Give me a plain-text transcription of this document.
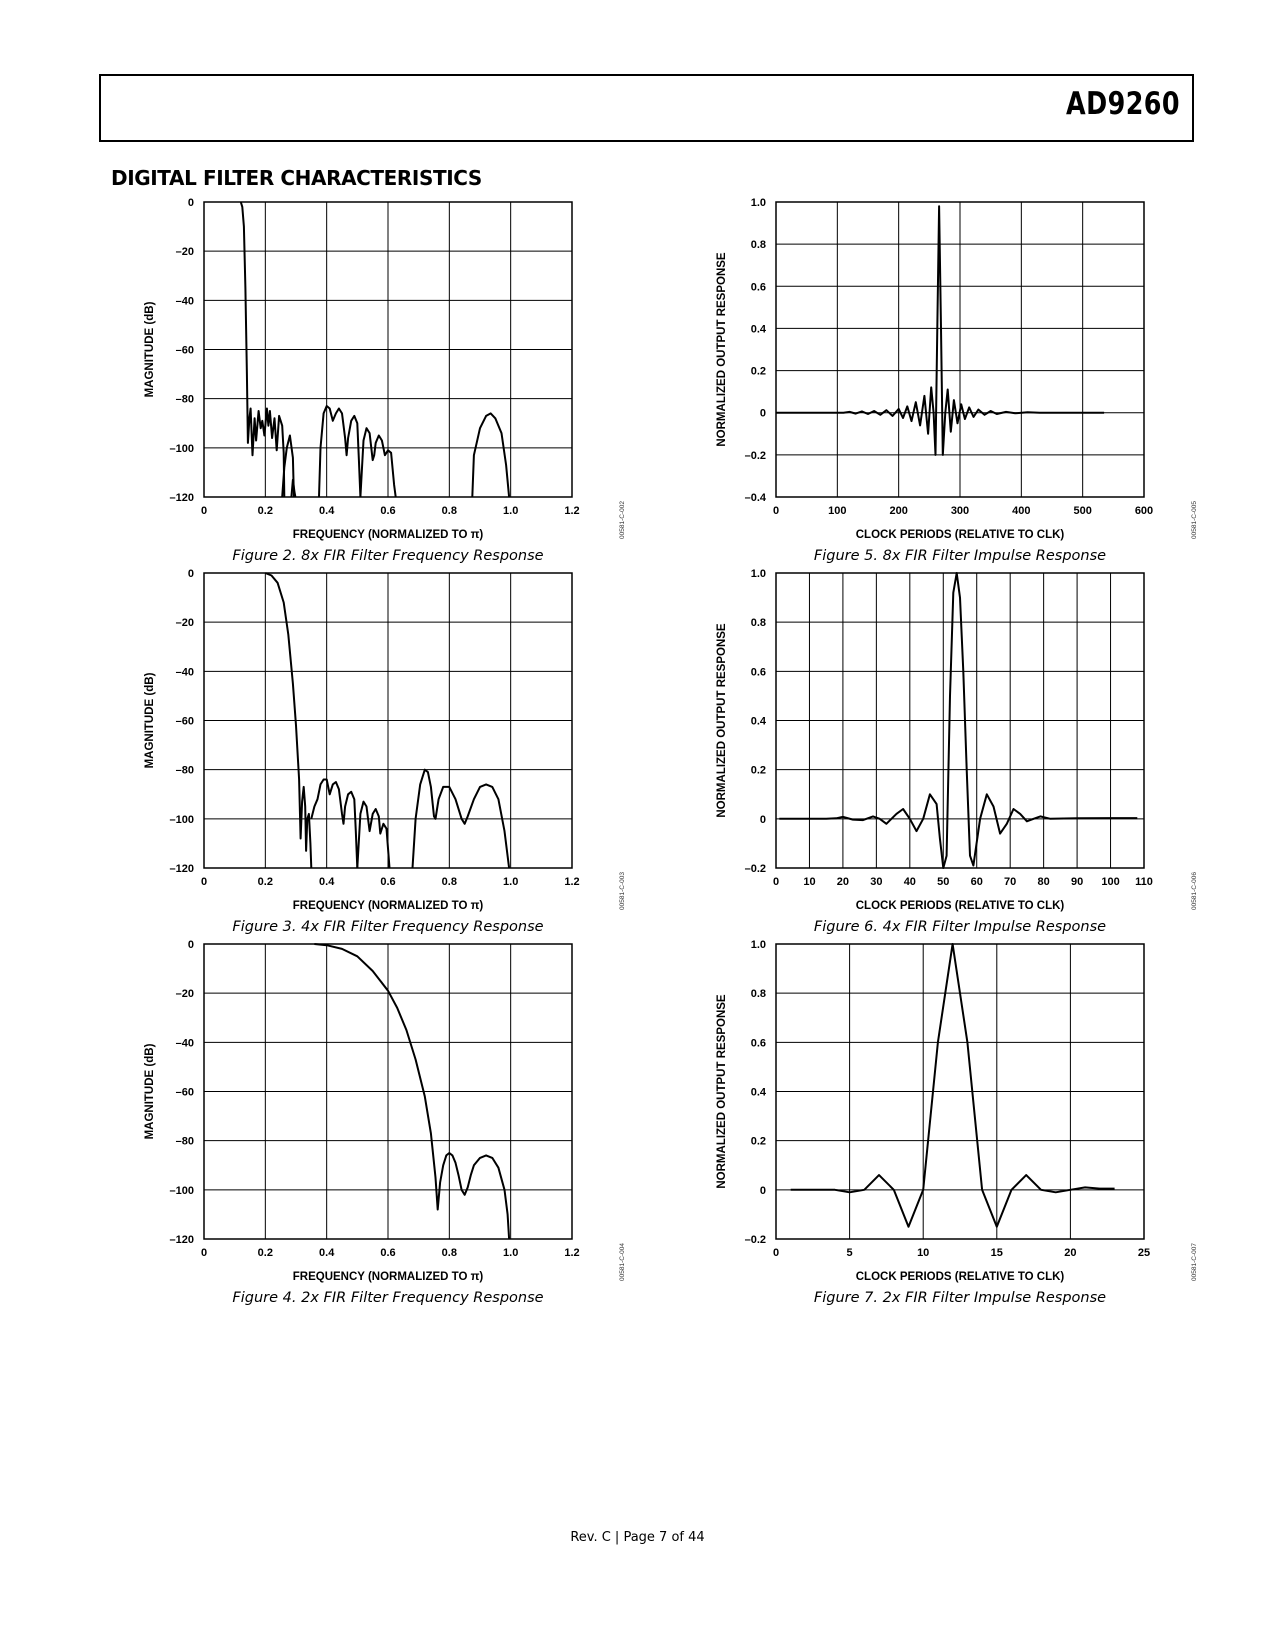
AD9260
DIGITAL FILTER CHARACTERISTICS
0	0.2	0.4	0.6	0.8	1.0	1.2
0
–20
–40
–60
–80
–100
–120
FREQUENCY (NORMALIZED TO π)
MAGNITUDE (dB)
Figure 2. 8x FIR Filter Frequency Response
00581-C-002
0	0.2	0.4	0.6	0.8	1.0	1.2
0
–20
–40
–60
–80
–100
–120
FREQUENCY (NORMALIZED TO π)
MAGNITUDE (dB)
Figure 3. 4x FIR Filter Frequency Response
00581-C-003
0	0.2	0.4	0.6	0.8	1.0	1.2
0
–20
–40
–60
–80
–100
–120
FREQUENCY (NORMALIZED TO π)
MAGNITUDE (dB)
Figure 4. 2x FIR Filter Frequency Response
00581-C-004
0	100	200	300	400	500	600
1.0
0.8
0.6
0.4
0.2
0
–0.2
–0.4
CLOCK PERIODS (RELATIVE TO CLK)
NORMALIZED OUTPUT RESPONSE
Figure 5. 8x FIR Filter Impulse Response
00581-C-005
0 10 20 30 40 50 60 70 80 90 100 110
1.0
0.8
0.6
0.4
0.2
0
–0.2
CLOCK PERIODS (RELATIVE TO CLK)
NORMALIZED OUTPUT RESPONSE
Figure 6. 4x FIR Filter Impulse Response
00581-C-006
0	5	10	15	20	25
1.0
0.8
0.6
0.4
0.2
0
–0.2
CLOCK PERIODS (RELATIVE TO CLK)
NORMALIZED OUTPUT RESPONSE
Figure 7. 2x FIR Filter Impulse Response
00581-C-007
Rev. C | Page 7 of 44
